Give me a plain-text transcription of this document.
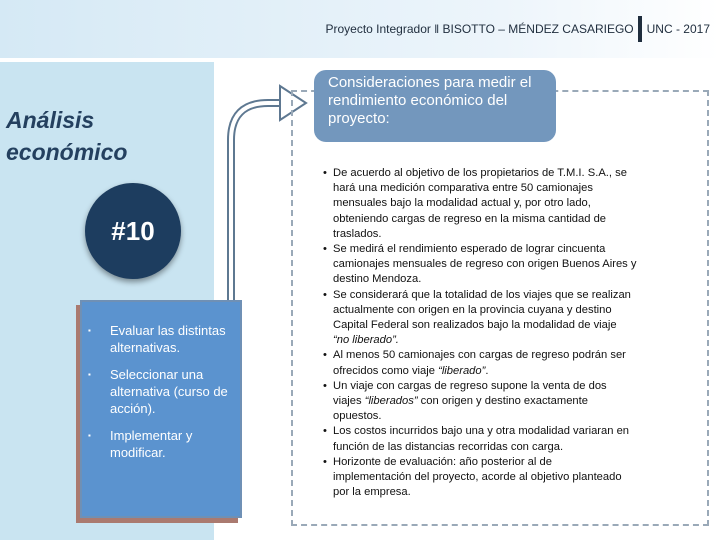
Proyecto Integrador ‖ BISOTTO – MÉNDEZ CASARIEGO UNC - 2017
Análisis
económico
#10
▪	Evaluar las distintas
alternativas.
▪	Seleccionar una
alternativa (curso de
acción).
▪	Implementar y
modificar.
Consideraciones para medir el
rendimiento económico del
proyecto:
• De acuerdo al objetivo de los propietarios de T.M.I. S.A., se
hará una medición comparativa entre 50 camionajes
mensuales bajo la modalidad actual y, por otro lado,
obteniendo cargas de regreso en la misma cantidad de
traslados.
• Se medirá el rendimiento esperado de lograr cincuenta
camionajes mensuales de regreso con origen Buenos Aires y
destino Mendoza.
• Se considerará que la totalidad de los viajes que se realizan
actualmente con origen en la provincia cuyana y destino
Capital Federal son realizados bajo la modalidad de viaje
“no liberado”.
• Al menos 50 camionajes con cargas de regreso podrán ser
ofrecidos como viaje “liberado”.
• Un viaje con cargas de regreso supone la venta de dos
viajes “liberados” con origen y destino exactamente
opuestos.
• Los costos incurridos bajo una y otra modalidad variaran en
función de las distancias recorridas con carga.
• Horizonte de evaluación: año posterior al de
implementación del proyecto, acorde al objetivo planteado
por la empresa.
